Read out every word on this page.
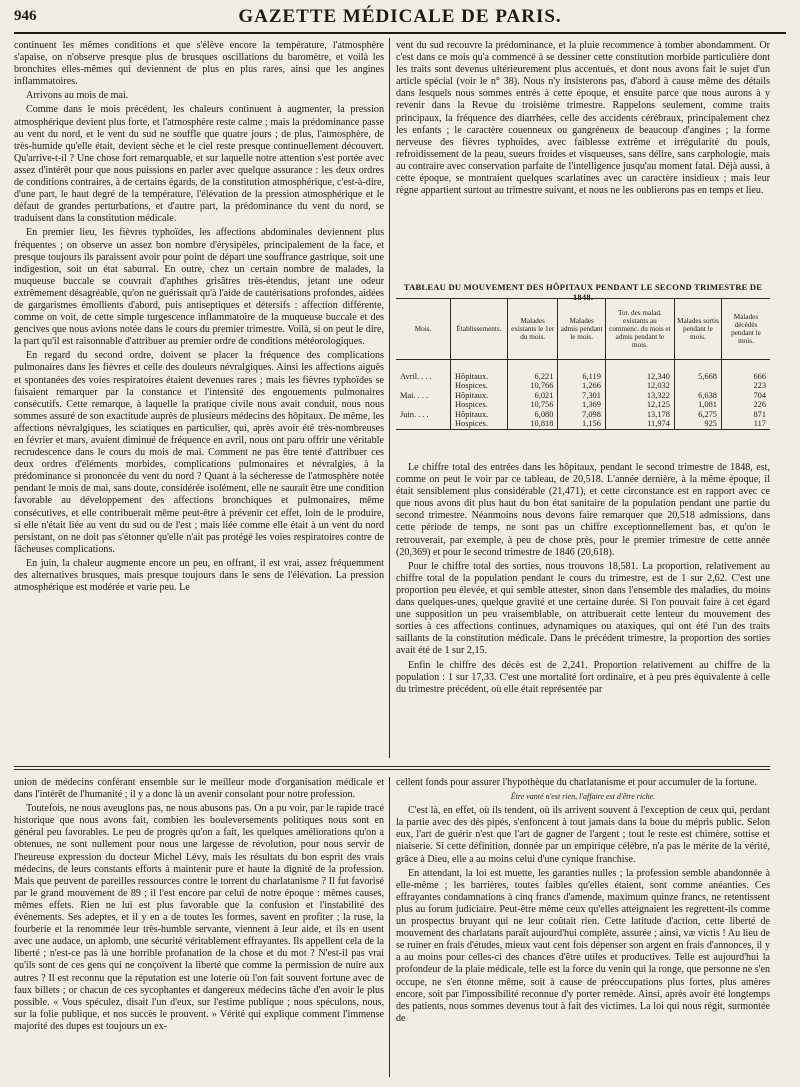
946	GAZETTE MÉDICALE DE PARIS.

continuent les mêmes conditions et que s'élève encore la température, l'atmosphère s'apaise, on n'observe presque plus de brusques oscillations du baromètre, et voilà les bronchites elles-mêmes qui deviennent de plus en plus rares, ainsi que les angines inflammatoires.

Arrivons au mois de mai.

Comme dans le mois précédent, les chaleurs continuent à augmenter, la pression atmosphérique devient plus forte, et l'atmosphère reste calme ; mais la prédominance passe au vent du nord, et le vent du sud ne souffle que quatre jours ; de plus, l'atmosphère, de très-humide qu'elle était, devient sèche et le ciel reste presque continuellement découvert. Qu'arrive-t-il ? Une chose fort remarquable, et sur laquelle notre attention s'est portée avec assez d'intérêt pour que nous puissions en parler avec quelque assurance : les deux ordres de conditions contraires, à de certains égards, de la constitution atmosphérique, c'est-à-dire, d'une part, le haut degré de la température, l'élévation de la pression atmosphérique et le défaut de grandes perturbations, et d'autre part, la prédominance du vent du nord, se traduisent dans la constitution médicale.

En premier lieu, les fièvres typhoïdes, les affections abdominales deviennent plus fréquentes ; on observe un assez bon nombre d'érysipèles, principalement de la face, et presque toujours ils paraissent avoir pour point de départ une souffrance gastrique, soit une indigestion, soit un état saburral. En outre, chez un certain nombre de malades, la muqueuse buccale se couvrait d'aphthes grisâtres très-étendus, jetant une odeur extrêmement désagréable, qu'on ne guérissait qu'à l'aide de cautérisations profondes, aidées de gargarismes émollients d'abord, puis antiseptiques et détersifs : affection différente, comme on voit, de cette simple turgescence inflammatoire de la muqueuse buccale et des gencives que nous avions notée dans le cours du premier trimestre. Voilà, si on peut le dire, la part qu'il est raisonnable d'attribuer au premier ordre de conditions météorologiques.

En regard du second ordre, doivent se placer la fréquence des complications pulmonaires dans les fièvres et celle des douleurs névralgiques. Ainsi les affections aiguës et spontanées des voies respiratoires étaient devenues rares ; mais les fièvres typhoïdes se faisaient remarquer par la constance et l'intensité des engouements pulmonaires consécutifs. Cette remarque, à laquelle la pratique civile nous avait conduit, nous nous sommes assuré de son exactitude auprès de plusieurs médecins des hôpitaux. De même, les affections névralgiques, les sciatiques en particulier, qui, après avoir été très-nombreuses en février et mars, avaient diminué de fréquence en avril, nous ont paru offrir une véritable recrudescence dans le cours du mois de mai. Comment ne pas être tenté d'attribuer ces deux ordres d'éléments morbides, complications pulmonaires et névralgies, à la prédominance si prononcée du vent du nord ? Quant à la sécheresse de l'atmosphère notée pendant le mois de mai, sans doute, considérée isolément, elle ne saurait être une condition favorable au développement des affections bronchiques et pulmonaires, même consécutives, et elle contribuerait même peut-être à prévenir cet effet, loin de le produire, si elle n'était liée au vent du sud ou de l'est ; mais liée comme elle était à un vent du nord persistant, on ne doit pas s'étonner qu'elle n'ait pas protégé les voies respiratoires contre de fâcheuses complications.

En juin, la chaleur augmente encore un peu, en offrant, il est vrai, assez fréquemment des alternatives brusques, mais presque toujours dans le sens de l'élévation. La pression atmosphérique est modérée et varie peu. Le

vent du sud recouvre la prédominance, et la pluie recommence à tomber abondamment. Or c'est dans ce mois qu'a commencé à se dessiner cette constitution morbide particulière dont les traits sont devenus ultérieurement plus accentués, et dont nous avons fait le sujet d'un article spécial (voir le n° 38). Nous n'y insisterons pas, d'abord à cause même des détails dans lesquels nous sommes entrés à cette époque, et ensuite parce que nous aurons à y revenir dans la Revue du troisième trimestre. Rappelons seulement, comme traits principaux, la fréquence des diarrhées, celle des accidents cérébraux, principalement chez les enfants ; le caractère couenneux ou gangréneux de beaucoup d'angines ; la forme nerveuse des fièvres typhoïdes, avec faiblesse extrême et irrégularité du pouls, refroidissement de la peau, sueurs froides et visqueuses, sans délire, sans carphologie, mais au contraire avec conservation parfaite de l'intelligence jusqu'au moment fatal. Déjà aussi, à cette époque, se montraient quelques scarlatines avec un caractère insidieux ; mais leur règne appartient surtout au trimestre suivant, et nous ne les oublierons pas en temps et lieu.

TABLEAU DU MOUVEMENT DES HÔPITAUX PENDANT LE SECOND TRIMESTRE DE 1848.
Mois.	Établissements.	Malades existants le 1er du mois.	Malades admis pendant le mois.	Tot. des malad. existants au commenc. du mois et admis pendant le mois.	Malades sortis pendant le mois.	Malades décédés pendant le mois.

Avril. . . .	Hôpitaux.	6,221	6,119	12,340	5,668	666
	Hospices.	10,766	1,266	12,032		223
Mai. . . .	Hôpitaux.	6,021	7,301	13,322	6,638	704
	Hospices.	10,756	1,369	12,125	1,081	226
Juin. . . .	Hôpitaux.	6,080	7,098	13,178	6,275	871
	Hospices.	10,818	1,156	11,974	925	117

Le chiffre total des entrées dans les hôpitaux, pendant le second trimestre de 1848, est, comme on peut le voir par ce tableau, de 20,518. L'année dernière, à la même époque, il était sensiblement plus considérable (21,471), et cette circonstance est en rapport avec ce que nous avons dit plus haut du bon état sanitaire de la population pendant une partie du second trimestre. Néanmoins nous devons faire remarquer que 20,518 admissions, dans cette période de temps, ne sont pas un chiffre exceptionnellement bas, et qu'on le retrouverait, par exemple, à peu de chose près, pour le premier trimestre de cette année (20,369) et pour le second trimestre de 1846 (20,618).

Pour le chiffre total des sorties, nous trouvons 18,581. La proportion, relativement au chiffre total de la population pendant le cours du trimestre, est de 1 sur 2,62. C'est une proportion peu élevée, et qui semble attester, sinon dans l'ensemble des maladies, du moins dans quelques-unes, quelque gravité et une certaine durée. Si l'on pouvait faire à cet égard une supposition un peu vraisemblable, on attribuerait cette lenteur du mouvement des sorties à ces affections continues, adynamiques ou ataxiques, qui ont été l'un des traits saillants de la constitution médicale. Dans le précédent trimestre, la proportion des sorties avait été de 1 sur 2,15.

Enfin le chiffre des décès est de 2,241. Proportion relativement au chiffre de la population : 1 sur 17,33. C'est une mortalité fort ordinaire, et à peu près équivalente à celle du trimestre précédent, où elle était représentée par

union de médecins conférant ensemble sur le meilleur mode d'organisation médicale et dans l'intérêt de l'humanité ; il y a donc là un avenir consolant pour notre profession.

Toutefois, ne nous aveuglons pas, ne nous abusons pas. On a pu voir, par le rapide tracé historique que nous avons fait, combien les bouleversements politiques nous sont en général peu favorables. Le peu de progrès qu'on a fait, les quelques améliorations qu'on a obtenues, ne sont nullement pour nous une largesse de révolution, pour nous servir de l'heureuse expression du docteur Michel Lévy, mais les résultats du bon esprit des vrais médecins, de leurs constants efforts à maintenir pure et haute la dignité de la profession. Mais que peuvent de pareilles ressources contre le torrent du charlatanisme ? Il fut favorisé par le grand mouvement de 89 ; il l'est encore par celui de notre époque : mêmes causes, mêmes effets. Rien ne lui est plus favorable que la confusion et l'instabilité des événements. Ses adeptes, et il y en a de toutes les formes, savent en profiter ; la ruse, la fourberie et la renommée leur très-humble servante, viennent à leur aide, et ils en usent avec une audace, un aplomb, une sécurité véritablement effrayantes. Ils appellent cela de la liberté ; n'est-ce pas là une horrible profanation de la chose et du mot ? N'est-il pas vrai qu'ils sont de ces gens qui ne conçoivent la liberté que comme la permission de nuire aux autres ? Il est reconnu que la réputation est une loterie où l'on fait souvent fortune avec de faux billets ; or chacun de ces sycophantes et dangereux médecins tâche d'en avoir le plus possible. « Vous spéculez, disait l'un d'eux, sur l'estime publique ; nous spéculons, nous, sur la folie publique, et nos succès le prouvent. » Vérité qui explique comment l'immense majorité des dupes est toujours un ex-

cellent fonds pour assurer l'hypothèque du charlatanisme et pour accumuler de la fortune.

Être vanté n'est rien, l'affaire est d'être riche.

C'est là, en effet, où ils tendent, où ils arrivent souvent à l'exception de ceux qui, perdant la partie avec des dés pipés, s'enfoncent à tout jamais dans la boue du mépris public. Selon eux, l'art de guérir n'est que l'art de gagner de l'argent ; tout le reste est chimère, sottise et niaiserie. Si cette définition, donnée par un empirique célèbre, n'a pas le mérite de la vérité, grâce à Dieu, elle a au moins celui d'une cynique franchise.

En attendant, la loi est muette, les garanties nulles ; la profession semble abandonnée à elle-même ; les barrières, toutes faibles qu'elles étaient, sont comme anéanties. Ces effrayantes condamnations à cinq francs d'amende, maximum quinze francs, ne retentissent plus au forum judiciaire. Peut-être même ceux qu'elles atteignaient les regrettent-ils comme un prospectus bruyant qui ne leur coûtait rien. Cette latitude d'action, cette liberté de mouvement des charlatans paraît aujourd'hui complète, assurée ; ainsi, væ victis ! Au lieu de se ruiner en frais d'études, mieux vaut cent fois dépenser son argent en frais d'annonces, il y a au moins pour celles-ci des chances d'être utiles et productives. Telle est aujourd'hui la profondeur de la plaie médicale, telle est la force du venin qui la ronge, que personne ne s'en occupe, ne s'en étonne même, soit à cause de préoccupations plus fortes, plus amères encore, soit par l'impossibilité reconnue d'y porter remède. Ainsi, après avoir été longtemps des patients, nous sommes devenus tout à fait des victimes. La loi qui nous régit, surmontée de
